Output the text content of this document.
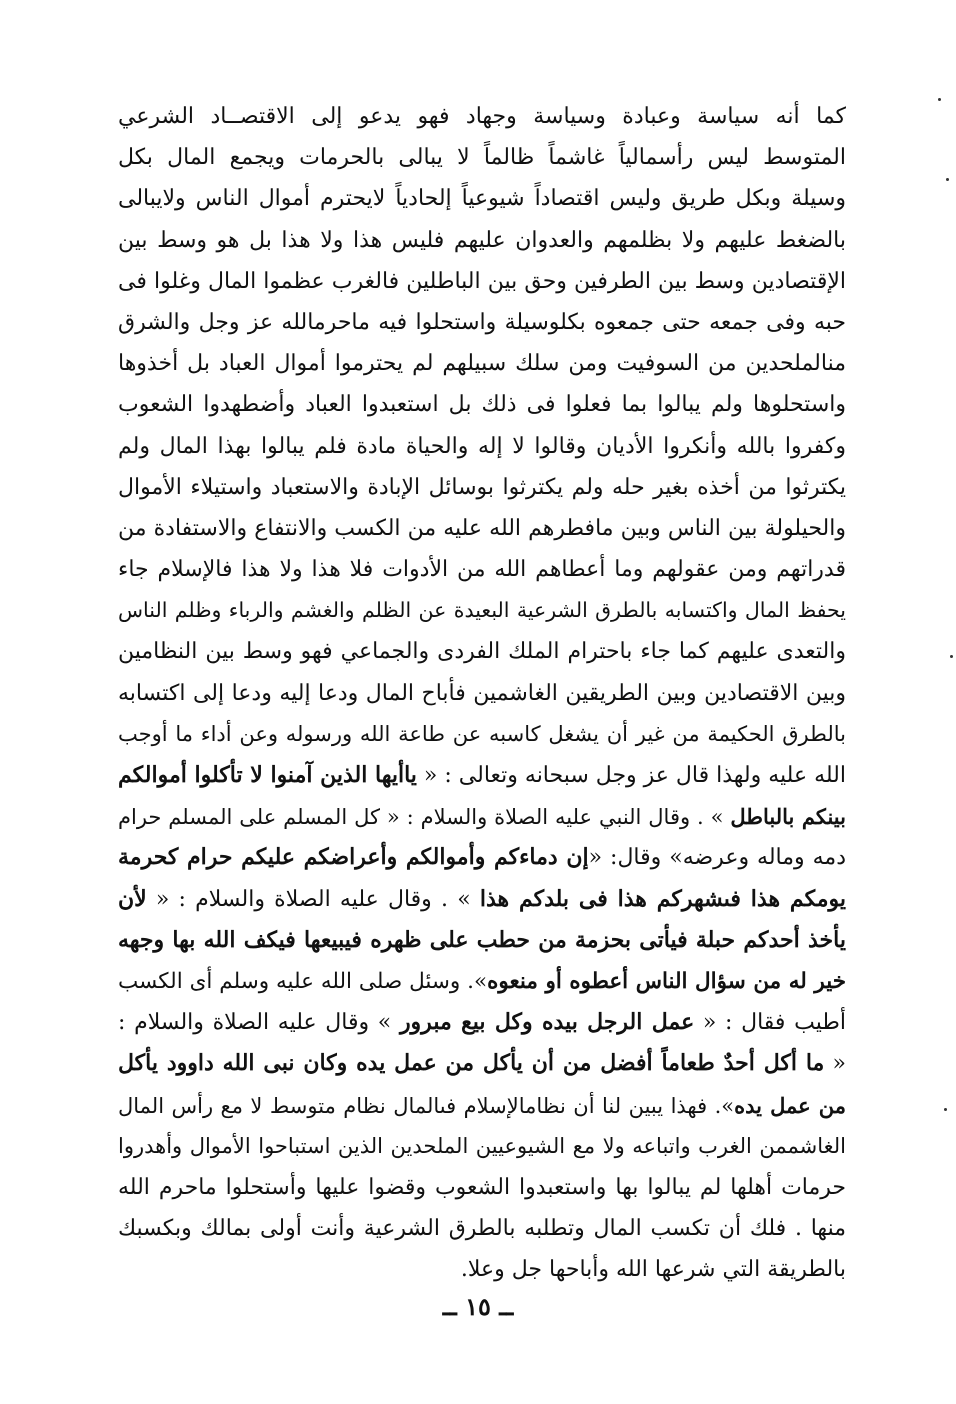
كما أنه سياسة وعبادة وسياسة وجهاد فهو يدعو إلى الاقتصــاد الشرعي
المتوسط ليس رأسمالياً غاشماً ظالماً لا يبالى بالحرمات ويجمع المال بكل
وسيلة وبكل طريق وليس اقتصاداً شيوعياً إلحادياً لايحترم أموال الناس ولايبالى
بالضغط عليهم ولا بظلمهم والعدوان عليهم فليس هذا ولا هذا بل هو وسط بين
الإقتصادين وسط بين الطرفين وحق بين الباطلين فالغرب عظموا المال وغلوا فى
حبه وفى جمعه حتى جمعوه بكلوسيلة واستحلوا فيه ماحرمالله عز وجل والشرق
منالملحدين من السوفيت ومن سلك سبيلهم لم يحترموا أموال العباد بل أخذوها
واستحلوها ولم يبالوا بما فعلوا فى ذلك بل استعبدوا العباد وأضطهدوا الشعوب
وكفروا بالله وأنكروا الأديان وقالوا لا إله والحياة مادة فلم يبالوا بهذا المال ولم
يكترثوا من أخذه بغير حله ولم يكترثوا بوسائل الإبادة والاستعباد واستيلاء الأموال
والحيلولة بين الناس وبين مافطرهم الله عليه من الكسب والانتفاع والاستفادة من
قدراتهم ومن عقولهم وما أعطاهم الله من الأدوات فلا هذا ولا هذا فالإسلام جاء
يحفظ المال واكتسابه بالطرق الشرعية البعيدة عن الظلم والغشم والرباء وظلم الناس
والتعدى عليهم كما جاء باحترام الملك الفردى والجماعي فهو وسط بين النظامين
وبين الاقتصادين وبين الطريقين الغاشمين فأباح المال ودعا إليه ودعا إلى اكتسابه
بالطرق الحكيمة من غير أن يشغل كاسبه عن طاعة الله ورسوله وعن أداء ما أوجب
الله عليه ولهذا قال عز وجل سبحانه وتعالى : « ياأيها الذين آمنوا لا تأكلوا أموالكم
بينكم بالباطل » . وقال النبي عليه الصلاة والسلام : « كل المسلم على المسلم حرام
دمه وماله وعرضه» وقال: «إن دماءكم وأموالكم وأعراضكم عليكم حرام كحرمة
يومكم هذا فىشهركم هذا فى بلدكم هذا » . وقال عليه الصلاة والسلام : « لأن
يأخذ أحدكم حبلة فيأتى بحزمة من حطب على ظهره فيبيعها فيكف الله بها وجهه
خير له من سؤال الناس أعطوه أو منعوه». وسئل صلى الله عليه وسلم أى الكسب
أطيب فقال : « عمل الرجل بيده وكل بيع مبرور » وقال عليه الصلاة والسلام :
« ما أكل أحدٌ طعاماً أفضل من أن يأكل من عمل يده وكان نبى الله داوود يأكل
من عمل يده». فهذا يبين لنا أن نظامالإسلام فىالمال نظام متوسط لا مع رأس المال
الغاشممن الغرب واتباعه ولا مع الشيوعيين الملحدين الذين استباحوا الأموال وأهدروا
حرمات أهلها لم يبالوا بها واستعبدوا الشعوب وقضوا عليها وأستحلوا ماحرم الله
منها . فلك أن تكسب المال وتطلبه بالطرق الشرعية وأنت أولى بمالك وبكسبك
بالطريقة التي شرعها الله وأباحها جل وعلا.
ــ ١٥ ــ
